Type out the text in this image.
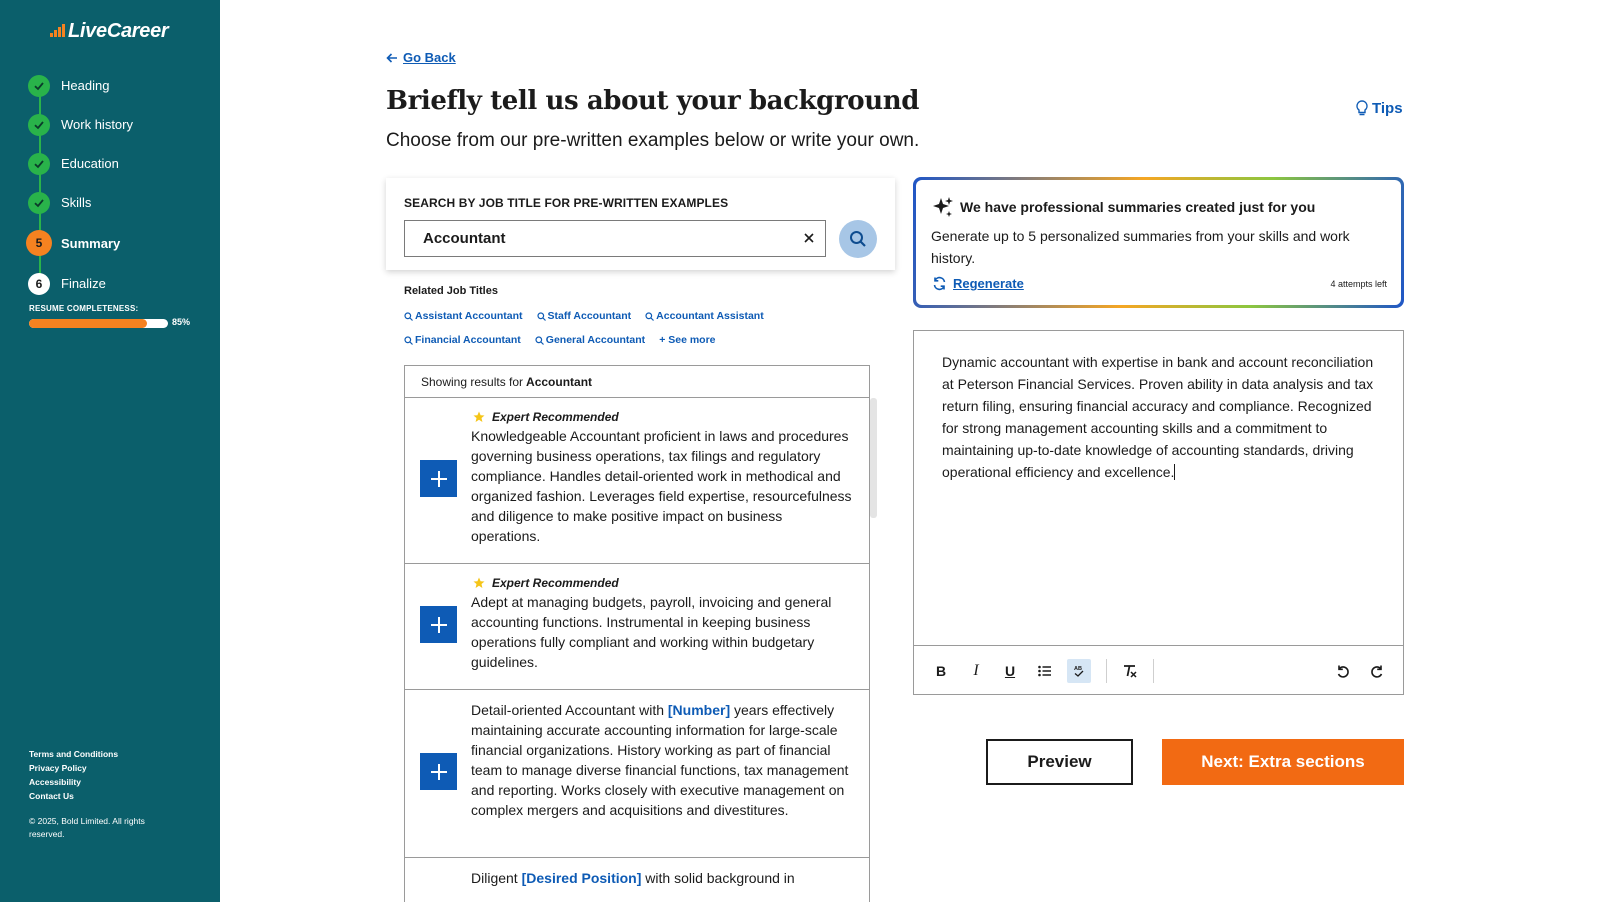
LiveCareer
Heading
Work history
Education
Skills
5	Summary
6	Finalize
RESUME COMPLETENESS:
85%
Terms and Conditions
Privacy Policy
Accessibility
Contact Us
© 2025, Bold Limited. All rights reserved.
Go Back
Briefly tell us about your background
Choose from our pre-written examples below or write your own.
Tips
SEARCH BY JOB TITLE FOR PRE-WRITTEN EXAMPLES
Accountant
Related Job Titles
Assistant Accountant Staff Accountant Accountant Assistant
Financial Accountant General Accountant + See more
Showing results for Accountant
Expert Recommended
Knowledgeable Accountant proficient in laws and procedures governing business operations, tax filings and regulatory compliance. Handles detail-oriented work in methodical and organized fashion. Leverages field expertise, resourcefulness and diligence to make positive impact on business operations.
Expert Recommended
Adept at managing budgets, payroll, invoicing and general accounting functions. Instrumental in keeping business operations fully compliant and working within budgetary guidelines.
Detail-oriented Accountant with [Number] years effectively maintaining accurate accounting information for large-scale financial organizations. History working as part of financial team to manage diverse financial functions, tax management and reporting. Works closely with executive management on complex mergers and acquisitions and divestitures.
Diligent [Desired Position] with solid background in
We have professional summaries created just for you
Generate up to 5 personalized summaries from your skills and work history.
Regenerate	4 attempts left
Dynamic accountant with expertise in bank and account reconciliation at Peterson Financial Services. Proven ability in data analysis and tax return filing, ensuring financial accuracy and compliance. Recognized for strong management accounting skills and a commitment to maintaining up-to-date knowledge of accounting standards, driving operational efficiency and excellence.
B	I	U	AB
Preview	Next: Extra sections
